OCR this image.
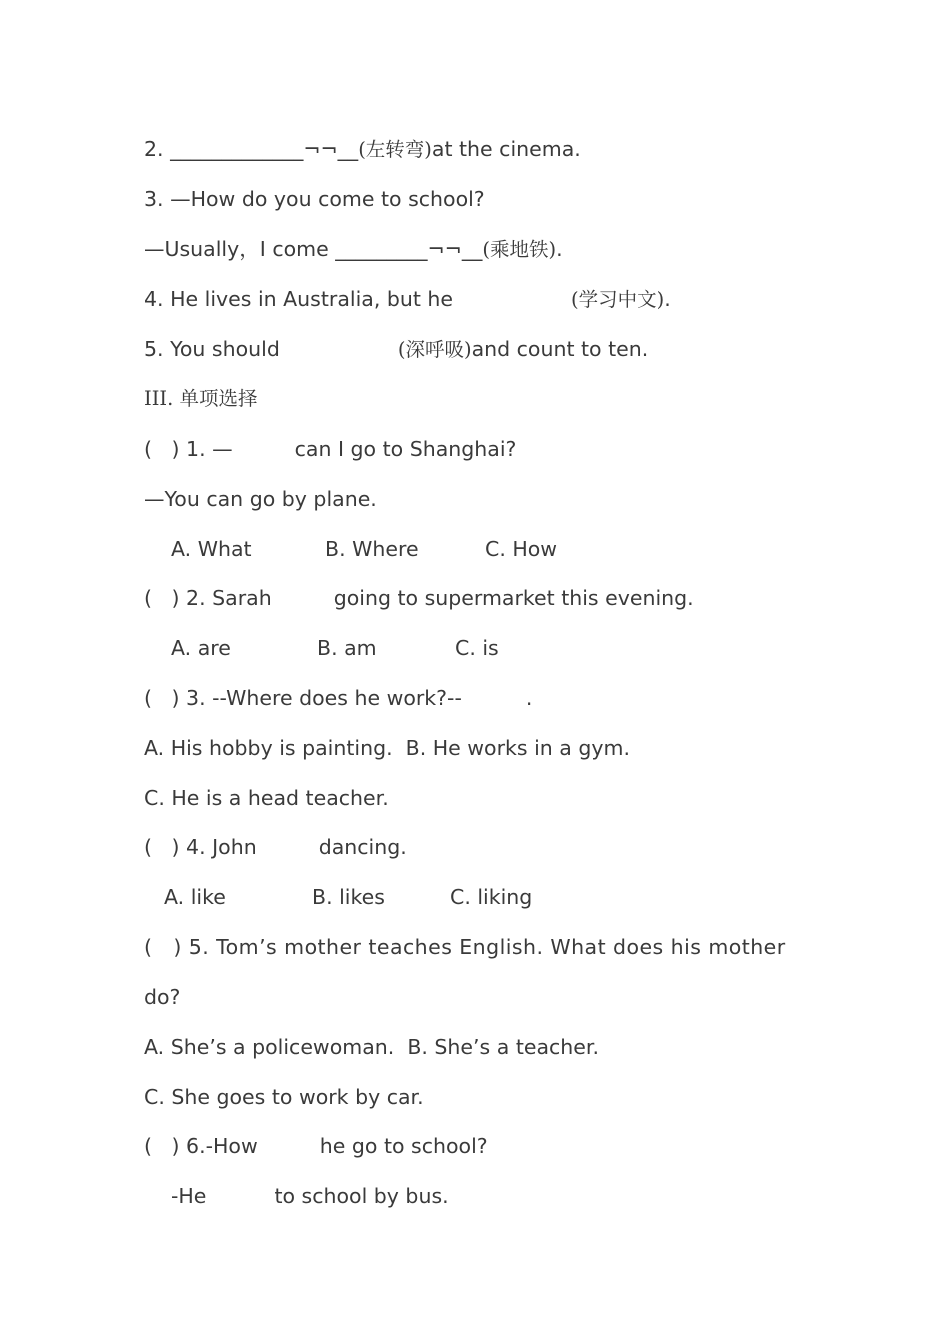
2. _____________¬¬__(左转弯)at the cinema.
3. —How do you come to school?
—Usually，I come _________¬¬__(乘地铁).
4. He lives in Australia, but he	(学习中文).
5. You should	(深呼吸)and count to ten.
III. 单项选择
(   ) 1. —	can I go to Shanghai?
—You can go by plane.
A. What	B. Where	C. How
(   ) 2. Sarah	going to supermarket this evening.
A. are	B. am	C. is
(   ) 3. --Where does he work?--	.
A. His hobby is painting.  B. He works in a gym.
C. He is a head teacher.
(   ) 4. John	dancing.
A. like	B. likes	C. liking
(   ) 5. Tom’s mother teaches English. What does his mother
do?
A. She’s a policewoman.  B. She’s a teacher.
C. She goes to work by car.
(   ) 6.-How	he go to school?
-He	to school by bus.
